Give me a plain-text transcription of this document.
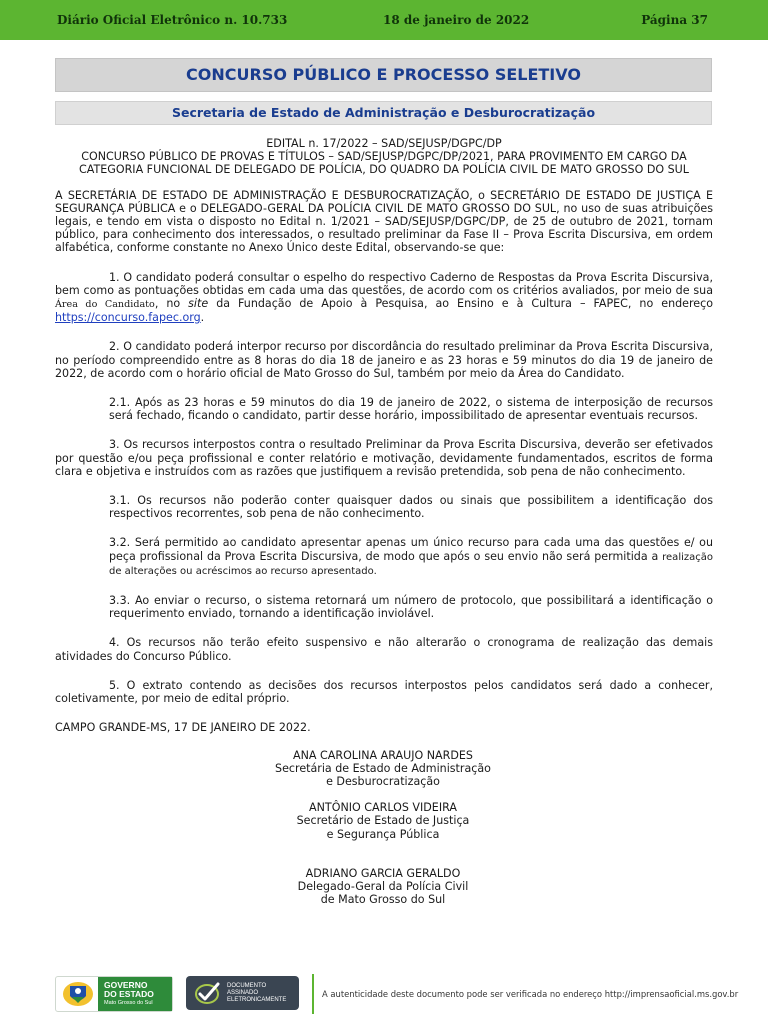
Diário Oficial Eletrônico n. 10.733	18 de janeiro de 2022	Página 37
CONCURSO PÚBLICO E PROCESSO SELETIVO
Secretaria de Estado de Administração e Desburocratização

EDITAL n. 17/2022 – SAD/SEJUSP/DGPC/DP

CONCURSO PÚBLICO DE PROVAS E TÍTULOS – SAD/SEJUSP/DGPC/DP/2021, PARA PROVIMENTO EM CARGO DA CATEGORIA FUNCIONAL DE DELEGADO DE POLÍCIA, DO QUADRO DA POLÍCIA CIVIL DE MATO GROSSO DO SUL

A SECRETÁRIA DE ESTADO DE ADMINISTRAÇÃO E DESBUROCRATIZAÇÃO, o SECRETÁRIO DE ESTADO DE JUSTIÇA E SEGURANÇA PÚBLICA e o DELEGADO-GERAL DA POLÍCIA CIVIL DE MATO GROSSO DO SUL, no uso de suas atribuições legais, e tendo em vista o disposto no Edital n. 1/2021 – SAD/SEJUSP/DGPC/DP, de 25 de outubro de 2021, tornam público, para conhecimento dos interessados, o resultado preliminar da Fase II – Prova Escrita Discursiva, em ordem alfabética, conforme constante no Anexo Único deste Edital, observando-se que:

1. O candidato poderá consultar o espelho do respectivo Caderno de Respostas da Prova Escrita Discursiva, bem como as pontuações obtidas em cada uma das questões, de acordo com os critérios avaliados, por meio de sua Área do Candidato, no site da Fundação de Apoio à Pesquisa, ao Ensino e à Cultura – FAPEC, no endereço https://concurso.fapec.org.

2. O candidato poderá interpor recurso por discordância do resultado preliminar da Prova Escrita Discursiva, no período compreendido entre as 8 horas do dia 18 de janeiro e as 23 horas e 59 minutos do dia 19 de janeiro de 2022, de acordo com o horário oficial de Mato Grosso do Sul, também por meio da Área do Candidato.

2.1. Após as 23 horas e 59 minutos do dia 19 de janeiro de 2022, o sistema de interposição de recursos será fechado, ficando o candidato, partir desse horário, impossibilitado de apresentar eventuais recursos.

3. Os recursos interpostos contra o resultado Preliminar da Prova Escrita Discursiva, deverão ser efetivados por questão e/ou peça profissional e conter relatório e motivação, devidamente fundamentados, escritos de forma clara e objetiva e instruídos com as razões que justifiquem a revisão pretendida, sob pena de não conhecimento.

3.1. Os recursos não poderão conter quaisquer dados ou sinais que possibilitem a identificação dos respectivos recorrentes, sob pena de não conhecimento.

3.2. Será permitido ao candidato apresentar apenas um único recurso para cada uma das questões e/ ou peça profissional da Prova Escrita Discursiva, de modo que após o seu envio não será permitida a realização de alterações ou acréscimos ao recurso apresentado.

3.3. Ao enviar o recurso, o sistema retornará um número de protocolo, que possibilitará a identificação o requerimento enviado, tornando a identificação inviolável.

4. Os recursos não terão efeito suspensivo e não alterarão o cronograma de realização das demais atividades do Concurso Público.

5. O extrato contendo as decisões dos recursos interpostos pelos candidatos será dado a conhecer, coletivamente, por meio de edital próprio.

CAMPO GRANDE-MS, 17 DE JANEIRO DE 2022.

ANA CAROLINA ARAUJO NARDES

Secretária de Estado de Administração

e Desburocratização

ANTÔNIO CARLOS VIDEIRA

Secretário de Estado de Justiça

e Segurança Pública

ADRIANO GARCIA GERALDO

Delegado-Geral da Polícia Civil

de Mato Grosso do Sul

GOVERNO
DO ESTADO
Mato Grosso do Sul
DOCUMENTO
ASSINADO
ELETRONICAMENTE
A autenticidade deste documento pode ser verificada no endereço http://imprensaoficial.ms.gov.br
